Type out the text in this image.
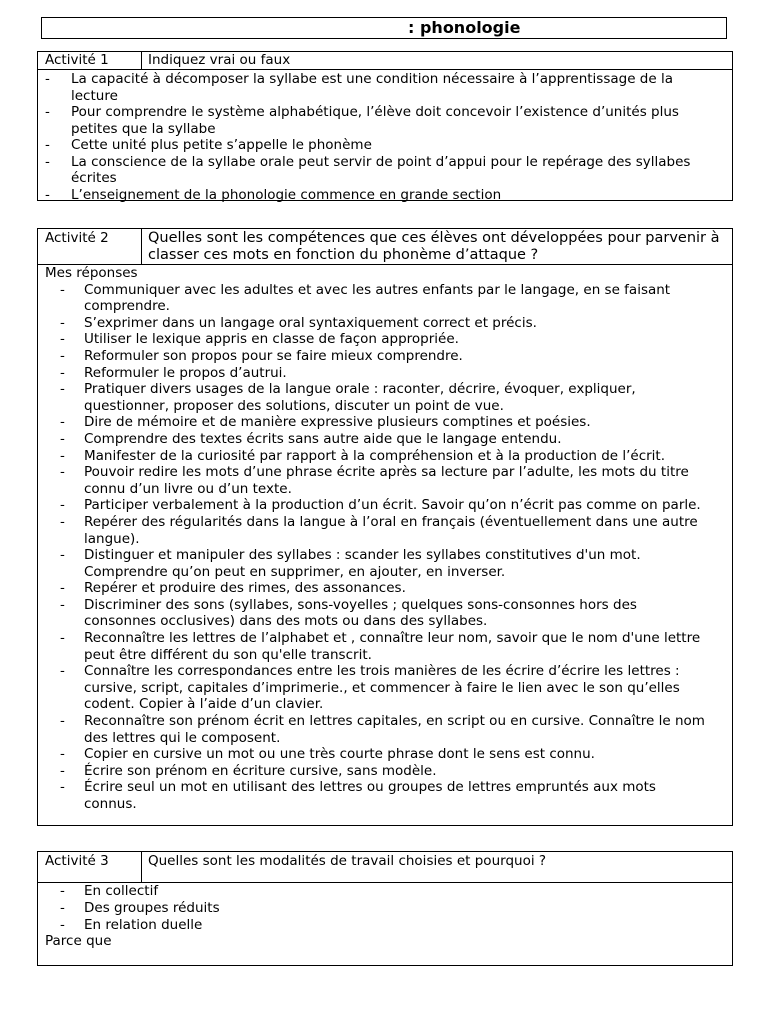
: phonologie
Activité 1	Indiquez vrai ou faux
- La capacité à décomposer la syllabe est une condition nécessaire à l’apprentissage de la lecture
- Pour comprendre le système alphabétique, l’élève doit concevoir l’existence d’unités plus petites que la syllabe
- Cette unité plus petite s’appelle le phonème
- La conscience de la syllabe orale peut servir de point d’appui pour le repérage des syllabes écrites
- L’enseignement de la phonologie commence en grande section
Activité 2	Quelles sont les compétences que ces élèves ont développées pour parvenir à classer ces mots en fonction du phonème d’attaque ?
Mes réponses
- Communiquer avec les adultes et avec les autres enfants par le langage, en se faisant comprendre.
- S’exprimer dans un langage oral syntaxiquement correct et précis.
- Utiliser le lexique appris en classe de façon appropriée.
- Reformuler son propos pour se faire mieux comprendre.
- Reformuler le propos d’autrui.
- Pratiquer divers usages de la langue orale : raconter, décrire, évoquer, expliquer, questionner, proposer des solutions, discuter un point de vue.
- Dire de mémoire et de manière expressive plusieurs comptines et poésies.
- Comprendre des textes écrits sans autre aide que le langage entendu.
- Manifester de la curiosité par rapport à la compréhension et à la production de l’écrit.
- Pouvoir redire les mots d’une phrase écrite après sa lecture par l’adulte, les mots du titre connu d’un livre ou d’un texte.
- Participer verbalement à la production d’un écrit. Savoir qu’on n’écrit pas comme on parle.
- Repérer des régularités dans la langue à l’oral en français (éventuellement dans une autre langue).
- Distinguer et manipuler des syllabes : scander les syllabes constitutives d'un mot. Comprendre qu’on peut en supprimer, en ajouter, en inverser.
- Repérer et produire des rimes, des assonances.
- Discriminer des sons (syllabes, sons-voyelles ; quelques sons-consonnes hors des consonnes occlusives) dans des mots ou dans des syllabes.
- Reconnaître les lettres de l’alphabet et , connaître leur nom, savoir que le nom d'une lettre peut être différent du son qu'elle transcrit.
- Connaître les correspondances entre les trois manières de les écrire d’écrire les lettres : cursive, script, capitales d’imprimerie., et commencer à faire le lien avec le son qu’elles codent. Copier à l’aide d’un clavier.
- Reconnaître son prénom écrit en lettres capitales, en script ou en cursive. Connaître le nom des lettres qui le composent.
- Copier en cursive un mot ou une très courte phrase dont le sens est connu.
- Écrire son prénom en écriture cursive, sans modèle.
- Écrire seul un mot en utilisant des lettres ou groupes de lettres empruntés aux mots connus.
Activité 3	Quelles sont les modalités de travail choisies et pourquoi ?
- En collectif
- Des groupes réduits
- En relation duelle
Parce que
